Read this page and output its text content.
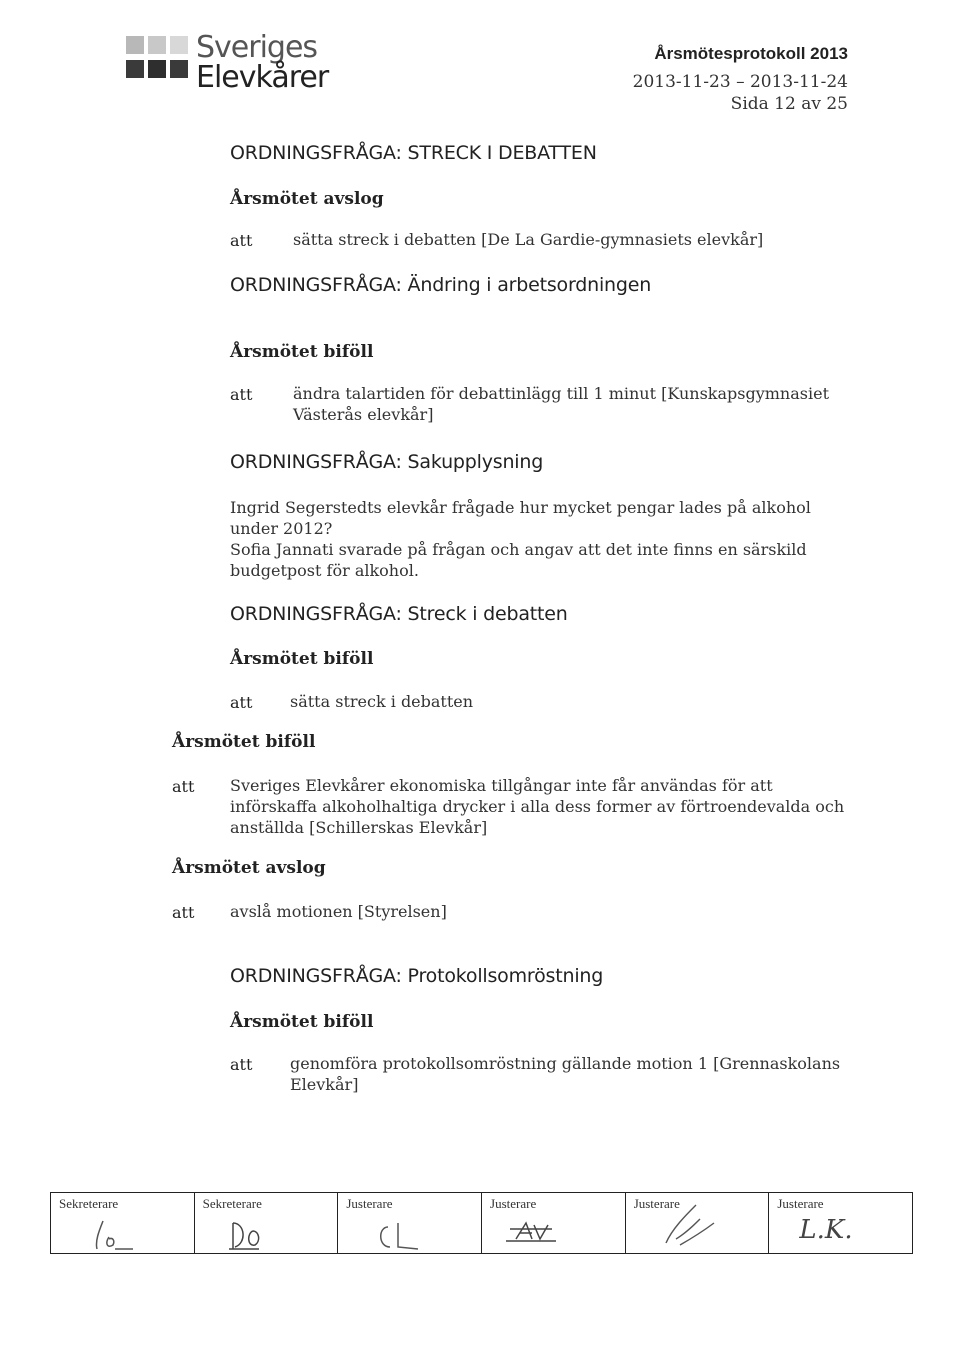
Sveriges
Elevkårer
Årsmötesprotokoll 2013
2013-11-23 – 2013-11-24
Sida 12 av 25
ORDNINGSFRÅGA: STRECK I DEBATTEN
Årsmötet avslog
att	sätta streck i debatten [De La Gardie-gymnasiets elevkår]
ORDNINGSFRÅGA: Ändring i arbetsordningen
Årsmötet biföll
att	ändra talartiden för debattinlägg till 1 minut [Kunskapsgymnasiet
Västerås elevkår]
ORDNINGSFRÅGA: Sakupplysning
Ingrid Segerstedts elevkår frågade hur mycket pengar lades på alkohol
under 2012?
Sofia Jannati svarade på frågan och angav att det inte finns en särskild
budgetpost för alkohol.
ORDNINGSFRÅGA: Streck i debatten
Årsmötet biföll
att sätta streck i debatten
Årsmötet biföll
att Sveriges Elevkårer ekonomiska tillgångar inte får användas för att
införskaffa alkoholhaltiga drycker i alla dess former av förtroendevalda och
anställda [Schillerskas Elevkår]
Årsmötet avslog
att avslå motionen [Styrelsen]
ORDNINGSFRÅGA: Protokollsomröstning
Årsmötet biföll
att genomföra protokollsomröstning gällande motion 1 [Grennaskolans
Elevkår]
Sekreterare	Sekreterare	Justerare	Justerare	Justerare	Justerare
L.K.
